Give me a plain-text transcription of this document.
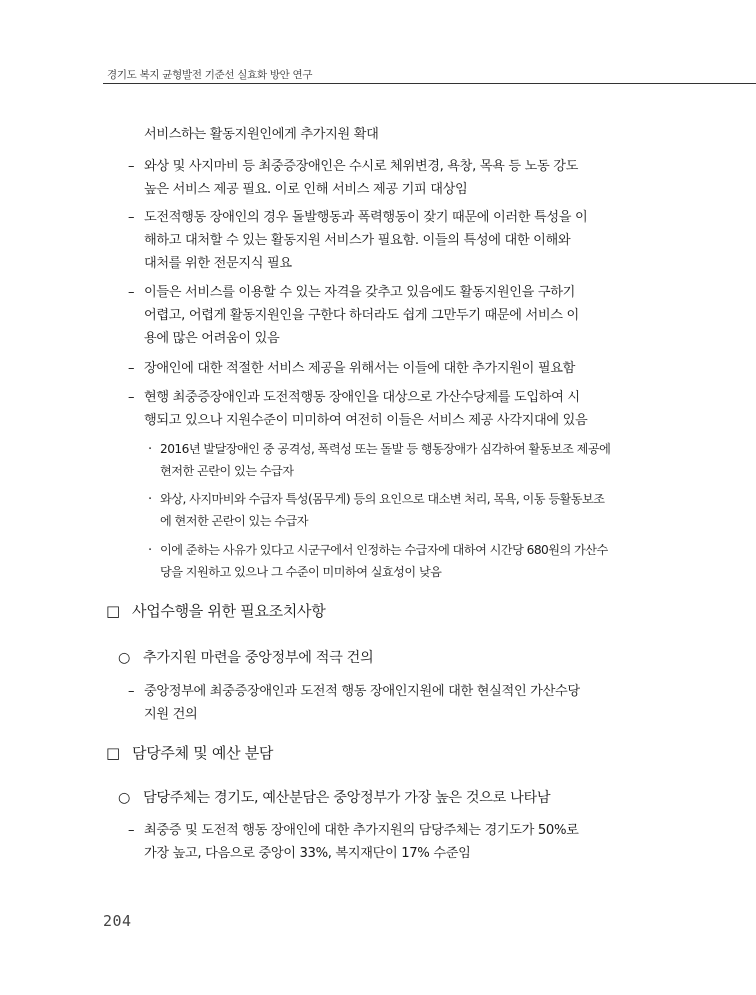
경기도 복지 균형발전 기준선 실효화 방안 연구
서비스하는 활동지원인에게 추가지원 확대
– 와상 및 사지마비 등 최중증장애인은 수시로 체위변경, 욕창, 목욕 등 노동 강도
높은 서비스 제공 필요. 이로 인해 서비스 제공 기피 대상임
– 도전적행동 장애인의 경우 돌발행동과 폭력행동이 잦기 때문에 이러한 특성을 이
해하고 대처할 수 있는 활동지원 서비스가 필요함. 이들의 특성에 대한 이해와
대처를 위한 전문지식 필요
– 이들은 서비스를 이용할 수 있는 자격을 갖추고 있음에도 활동지원인을 구하기
어렵고, 어렵게 활동지원인을 구한다 하더라도 쉽게 그만두기 때문에 서비스 이
용에 많은 어려움이 있음
– 장애인에 대한 적절한 서비스 제공을 위해서는 이들에 대한 추가지원이 필요함
– 현행 최중증장애인과 도전적행동 장애인을 대상으로 가산수당제를 도입하여 시
행되고 있으나 지원수준이 미미하여 여전히 이들은 서비스 제공 사각지대에 있음
· 2016년 발달장애인 중 공격성, 폭력성 또는 돌발 등 행동장애가 심각하여 활동보조 제공에
현저한 곤란이 있는 수급자
· 와상, 사지마비와 수급자 특성(몸무게) 등의 요인으로 대소변 처리, 목욕, 이동 등활동보조
에 현저한 곤란이 있는 수급자
· 이에 준하는 사유가 있다고 시군구에서 인정하는 수급자에 대하여 시간당 680원의 가산수
당을 지원하고 있으나 그 수준이 미미하여 실효성이 낮음
□ 사업수행을 위한 필요조치사항
○ 추가지원 마련을 중앙정부에 적극 건의
– 중앙정부에 최중증장애인과 도전적 행동 장애인지원에 대한 현실적인 가산수당
지원 건의
□ 담당주체 및 예산 분담
○ 담당주체는 경기도, 예산분담은 중앙정부가 가장 높은 것으로 나타남
– 최중증 및 도전적 행동 장애인에 대한 추가지원의 담당주체는 경기도가 50%로
가장 높고, 다음으로 중앙이 33%, 복지재단이 17% 수준임
204
